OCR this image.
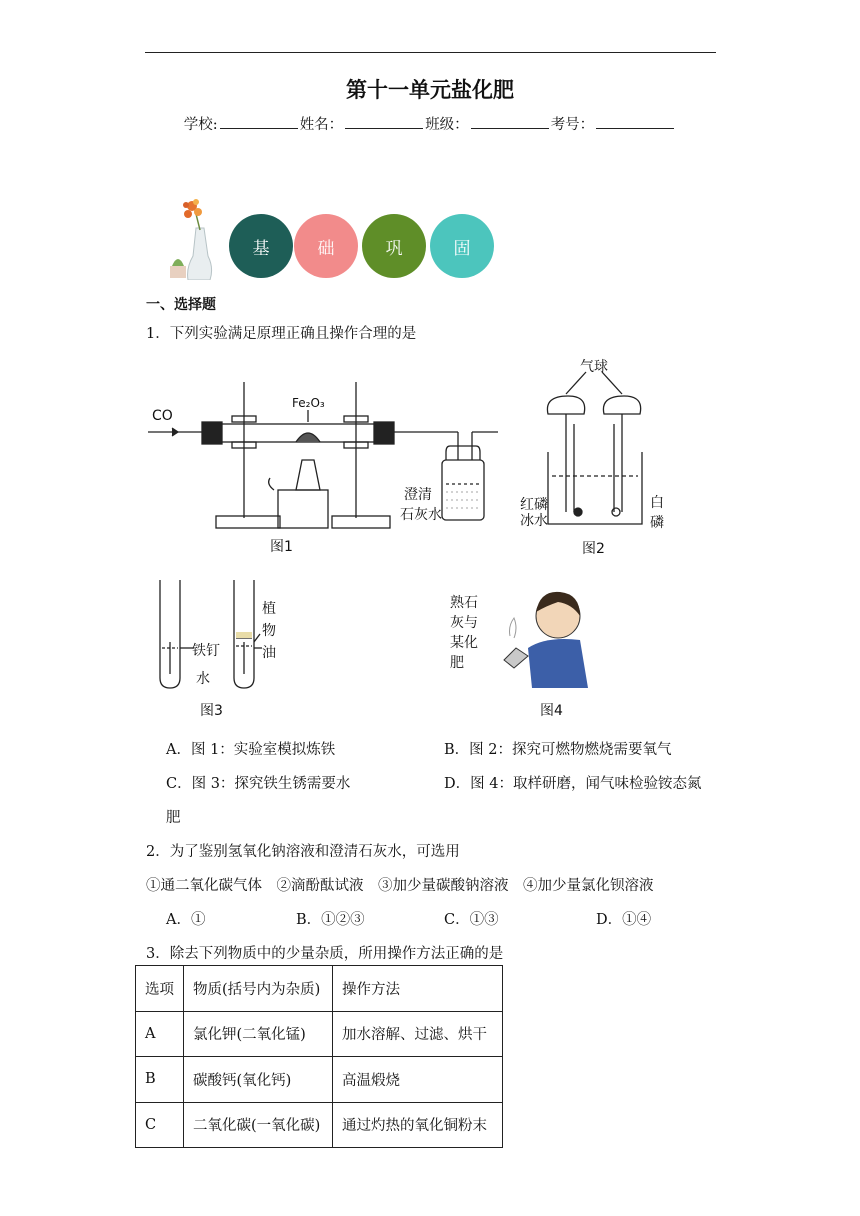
第十一单元盐化肥
学校:	姓名：	班级：	考号：
基	础	巩	固
一、选择题
1．下列实验满足原理正确且操作合理的是
CO
Fe₂O₃
澄清
石灰水
图1
气球
红磷
冰水
白
磷
图2
铁钉
水
植
物
油
图3
熟石
灰与
某化
肥
图4
A．图 1：实验室模拟炼铁	B．图 2：探究可燃物燃烧需要氧气
C．图 3：探究铁生锈需要水	D．图 4：取样研磨，闻气味检验铵态氮
肥
2．为了鉴别氢氧化钠溶液和澄清石灰水，可选用
①通二氧化碳气体　②滴酚酞试液　③加少量碳酸钠溶液　④加少量氯化钡溶液
A．①	B．①②③	C．①③	D．①④
3．除去下列物质中的少量杂质，所用操作方法正确的是
选项	物质(括号内为杂质)	操作方法
A	氯化钾(二氧化锰)	加水溶解、过滤、烘干
B	碳酸钙(氧化钙)	高温煅烧
C	二氧化碳(一氧化碳)	通过灼热的氧化铜粉末
